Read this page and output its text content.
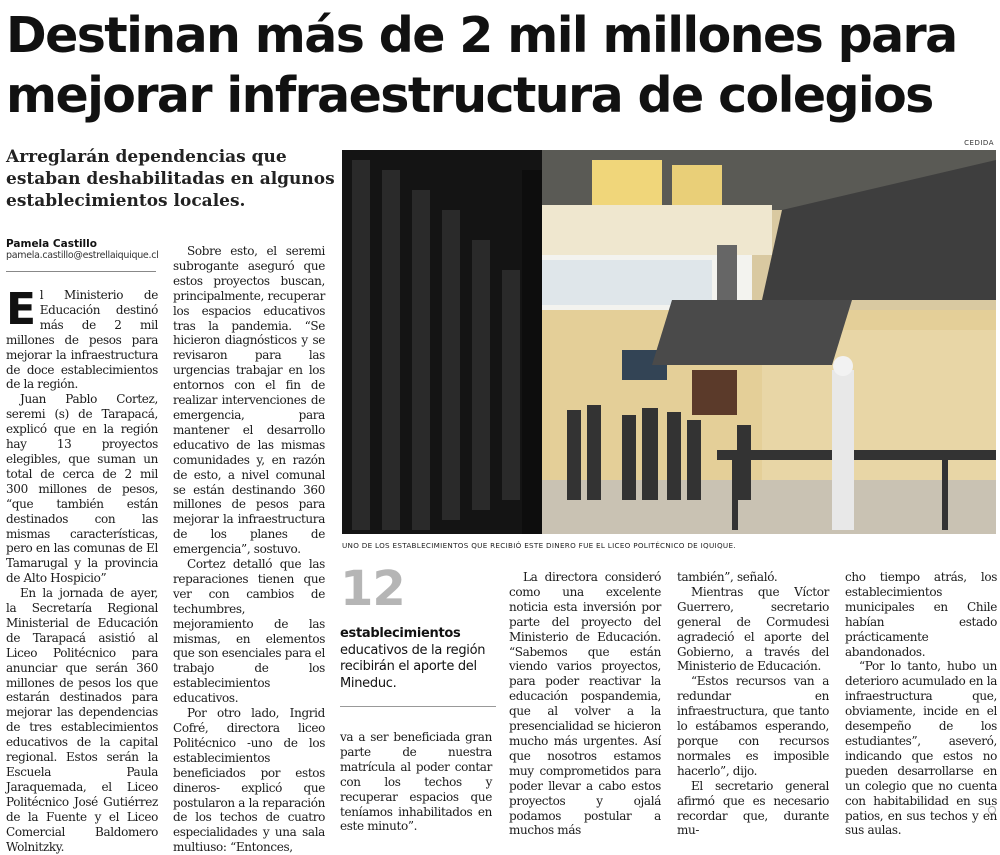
Destinan más de 2 mil millones para
mejorar infraestructura de colegios
CEDIDA
Arreglarán dependencias que estaban deshabilitadas en algunos establecimientos locales.
Pamela Castillo
pamela.castillo@estrellaiquique.cl

El Ministerio de Educación destinó más de 2 mil millones de pesos para mejorar la infraestructura de doce establecimientos de la región.

Juan Pablo Cortez, seremi (s) de Tarapacá, explicó que en la región hay 13 proyectos elegibles, que suman un total de cerca de 2 mil 300 millones de pesos, “que también están destinados con las mismas características, pero en las comunas de El Tamarugal y la provincia de Alto Hospicio”

En la jornada de ayer, la Secretaría Regional Ministerial de Educación de Tarapacá asistió al Liceo Politécnico para anunciar que serán 360 millones de pesos los que estarán destinados para mejorar las dependencias de tres establecimientos educativos de la capital regional. Estos serán la Escuela Paula Jaraquemada, el Liceo Politécnico José Gutiérrez de la Fuente y el Liceo Comercial Baldomero Wolnitzky.

Sobre esto, el seremi subrogante aseguró que estos proyectos buscan, principalmente, recuperar los espacios educativos tras la pandemia. “Se hicieron diagnósticos y se revisaron para las urgencias trabajar en los entornos con el fin de realizar intervenciones de emergencia, para mantener el desarrollo educativo de las mismas comunidades y, en razón de esto, a nivel comunal se están destinando 360 millones de pesos para mejorar la infraestructura de los planes de emergencia”, sostuvo.

Cortez detalló que las reparaciones tienen que ver con cambios de techumbres, mejoramiento de las mismas, en elementos que son esenciales para el trabajo de los establecimientos educativos.

Por otro lado, Ingrid Cofré, directora liceo Politécnico -uno de los establecimientos beneficiados por estos dineros- explicó que postularon a la reparación de los techos de cuatro especialidades y una sala multiuso: “Entonces,

UNO DE LOS ESTABLECIMIENTOS QUE RECIBIÓ ESTE DINERO FUE EL LICEO POLITÉCNICO DE IQUIQUE.
12
establecimientos educativos de la región recibirán el aporte del Mineduc.

va a ser beneficiada gran parte de nuestra matrícula al poder contar con los techos y recuperar espacios que teníamos inhabilitados en este minuto”.

La directora consideró como una excelente noticia esta inversión por parte del proyecto del Ministerio de Educación. “Sabemos que están viendo varios proyectos, para poder reactivar la educación pospandemia, que al volver a la presencialidad se hicieron mucho más urgentes. Así que nosotros estamos muy comprometidos para poder llevar a cabo estos proyectos y ojalá podamos postular a muchos más

también”, señaló.

Mientras que Víctor Guerrero, secretario general de Cormudesi agradeció el aporte del Gobierno, a través del Ministerio de Educación.

“Estos recursos van a redundar en infraestructura, que tanto lo estábamos esperando, porque con recursos normales es imposible hacerlo”, dijo.

El secretario general afirmó que es necesario recordar que, durante mu-

cho tiempo atrás, los establecimientos municipales en Chile habían estado prácticamente abandonados.

“Por lo tanto, hubo un deterioro acumulado en la infraestructura que, obviamente, incide en el desempeño de los estudiantes”, aseveró, indicando que estos no pueden desarrollarse en un colegio que no cuenta con habitabilidad en sus patios, en sus techos y en sus aulas.
